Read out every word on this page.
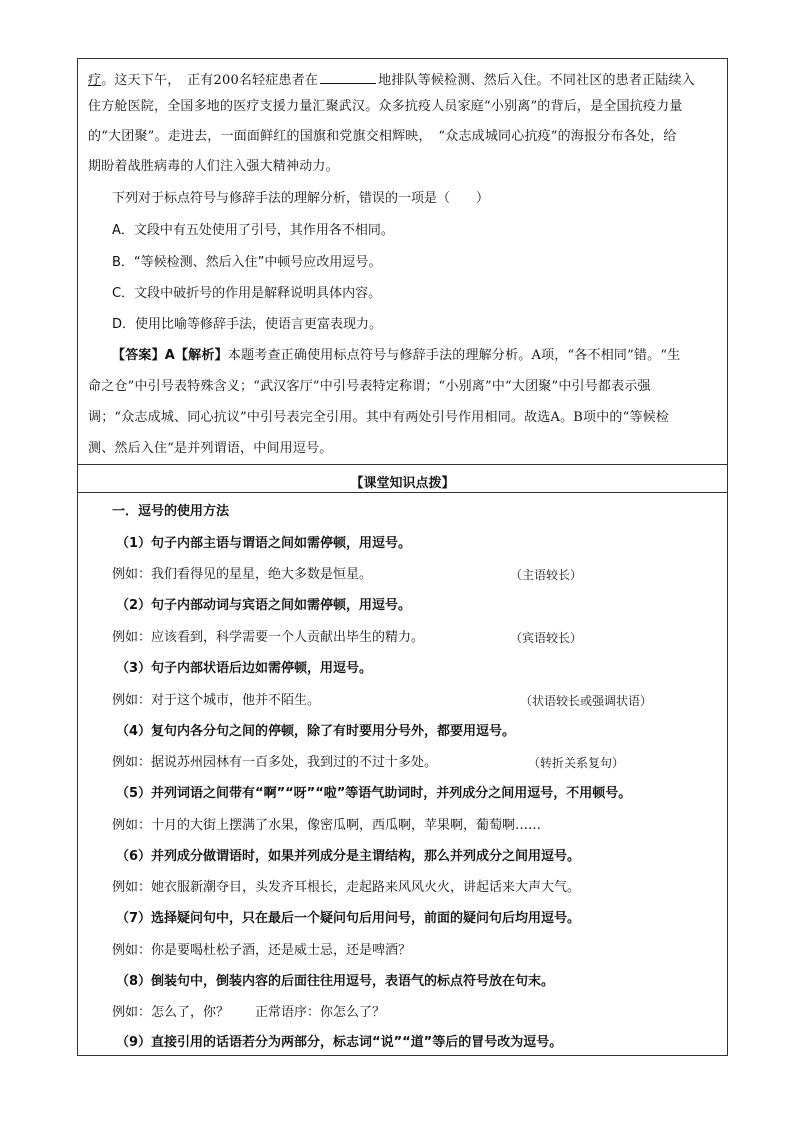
疗。这天下午，　正有200名轻症患者在	地排队等候检测、然后入住。不同社区的患者正陆续入
住方舱医院，全国多地的医疗支援力量汇聚武汉。众多抗疫人员家庭“小别离”的背后，是全国抗疫力量
的“大团聚”。走进去，一面面鲜红的国旗和党旗交相辉映，　“众志成城同心抗疫”的海报分布各处，给
期盼着战胜病毒的人们注入强大精神动力。
下列对于标点符号与修辞手法的理解分析，错误的一项是（　　）
A．文段中有五处使用了引号，其作用各不相同。
B．“等候检测、然后入住”中顿号应改用逗号。
C．文段中破折号的作用是解释说明具体内容。
D．使用比喻等修辞手法，使语言更富表现力。
【答案】A【解析】本题考查正确使用标点符号与修辞手法的理解分析。A项，“各不相同”错。“生
命之仓”中引号表特殊含义；“武汉客厅”中引号表特定称谓；“小别离”中“大团聚”中引号都表示强
调；“众志成城、同心抗议”中引号表完全引用。其中有两处引号作用相同。故选A。B项中的“等候检
测、然后入住”是并列谓语，中间用逗号。
【课堂知识点拨】
一．逗号的使用方法
（1）句子内部主语与谓语之间如需停顿，用逗号。
例如：我们看得见的星星，绝大多数是恒星。	（主语较长）
（2）句子内部动词与宾语之间如需停顿，用逗号。
例如：应该看到，科学需要一个人贡献出毕生的精力。	（宾语较长）
（3）句子内部状语后边如需停顿，用逗号。
例如：对于这个城市，他并不陌生。	（状语较长或强调状语）
（4）复句内各分句之间的停顿，除了有时要用分号外，都要用逗号。
例如：据说苏州园林有一百多处，我到过的不过十多处。	（转折关系复句）
（5）并列词语之间带有“啊”“呀”“啦”等语气助词时，并列成分之间用逗号，不用顿号。
例如：十月的大街上摆满了水果，像密瓜啊，西瓜啊，苹果啊，葡萄啊……
（6）并列成分做谓语时，如果并列成分是主谓结构，那么并列成分之间用逗号。
例如：她衣服新潮夺目，头发齐耳根长，走起路来风风火火，讲起话来大声大气。
（7）选择疑问句中，只在最后一个疑问句后用问号，前面的疑问句后均用逗号。
例如：你是要喝杜松子酒，还是威士忌，还是啤酒？
（8）倒装句中，倒装内容的后面往往用逗号，表语气的标点符号放在句末。
例如：怎么了，你？　　正常语序：你怎么了？
（9）直接引用的话语若分为两部分，标志词“说”“道”等后的冒号改为逗号。
